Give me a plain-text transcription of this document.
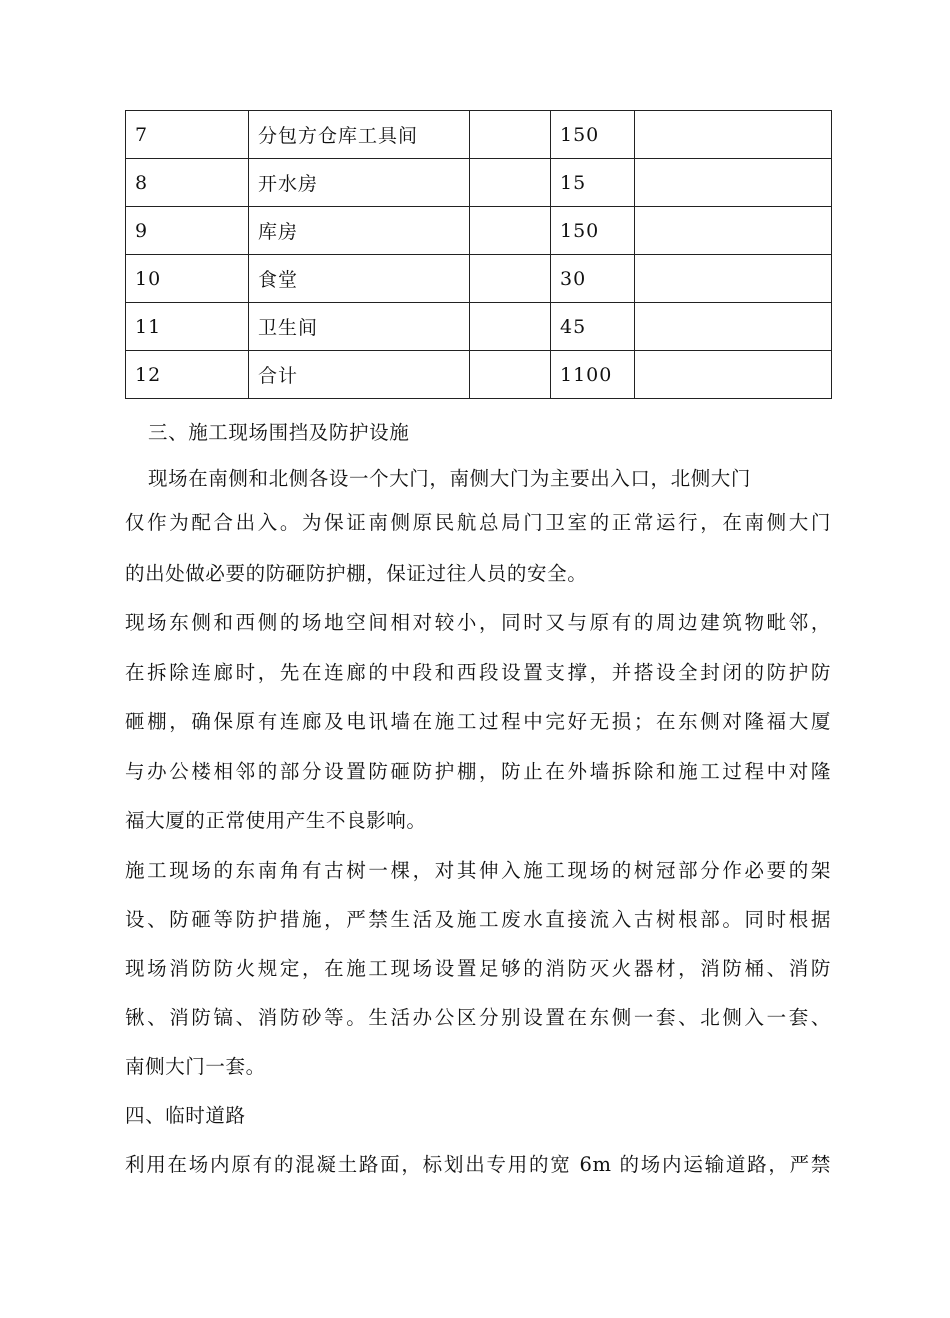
7	分包方仓库工具间		150	
8	开水房		15	
9	库房		150	
10	食堂		30	
11	卫生间		45	
12	合计		1100	
三、施工现场围挡及防护设施
现场在南侧和北侧各设一个大门，南侧大门为主要出入口，北侧大门
仅作为配合出入。为保证南侧原民航总局门卫室的正常运行，在南侧大门
的出处做必要的防砸防护棚，保证过往人员的安全。
现场东侧和西侧的场地空间相对较小，同时又与原有的周边建筑物毗邻，
在拆除连廊时，先在连廊的中段和西段设置支撑，并搭设全封闭的防护防
砸棚，确保原有连廊及电讯墙在施工过程中完好无损；在东侧对隆福大厦
与办公楼相邻的部分设置防砸防护棚，防止在外墙拆除和施工过程中对隆
福大厦的正常使用产生不良影响。
施工现场的东南角有古树一棵，对其伸入施工现场的树冠部分作必要的架
设、防砸等防护措施，严禁生活及施工废水直接流入古树根部。同时根据
现场消防防火规定，在施工现场设置足够的消防灭火器材，消防桶、消防
锹、消防镐、消防砂等。生活办公区分别设置在东侧一套、北侧入一套、
南侧大门一套。
四、临时道路
利用在场内原有的混凝土路面，标划出专用的宽 6m 的场内运输道路，严禁
